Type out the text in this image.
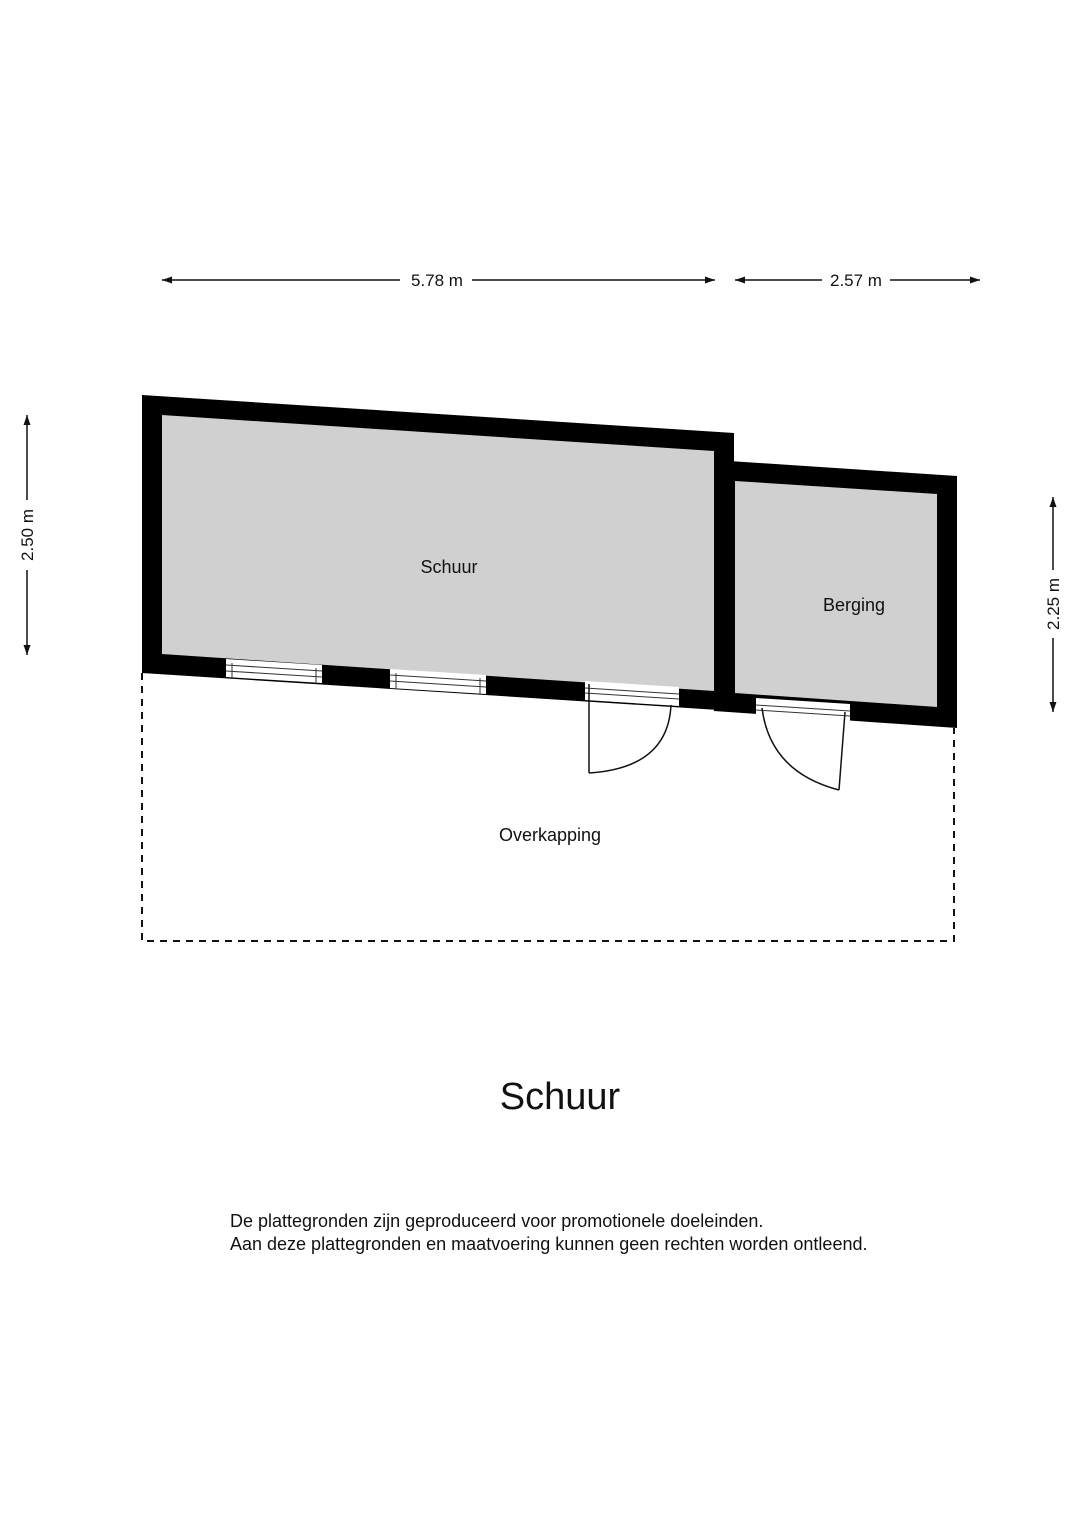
5.78 m	2.57 m
2.50 m
2.25 m
Schuur
Berging
Overkapping
Schuur
De plattegronden zijn geproduceerd voor promotionele doeleinden.
Aan deze plattegronden en maatvoering kunnen geen rechten worden ontleend.
